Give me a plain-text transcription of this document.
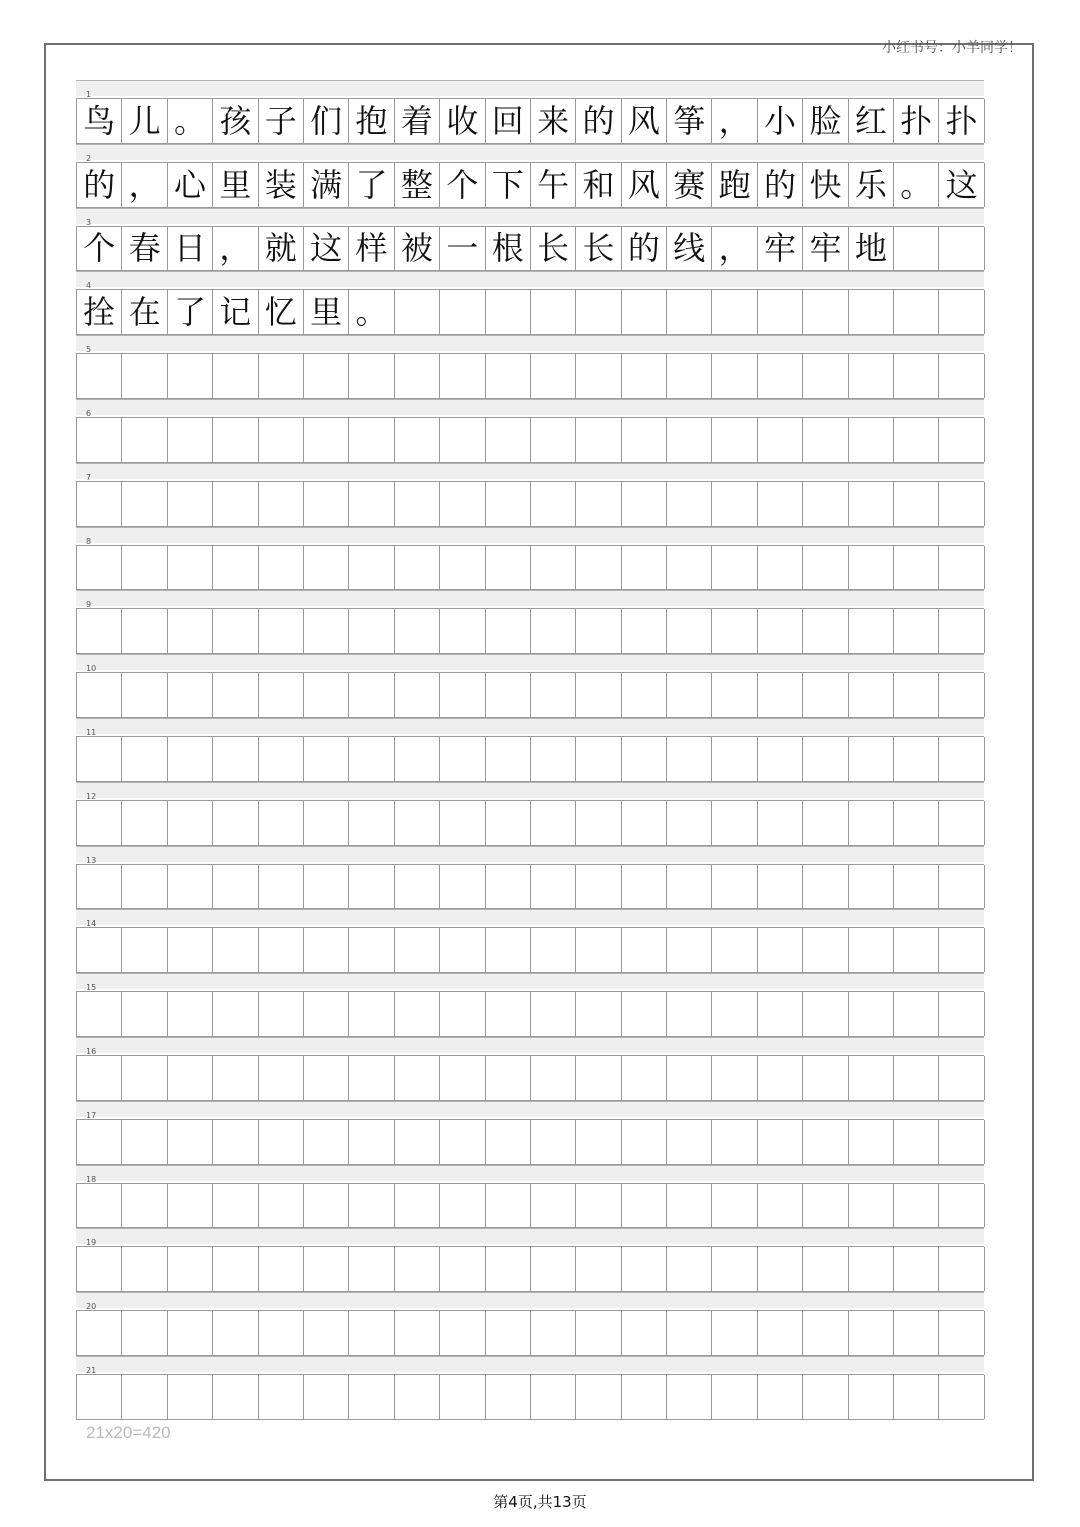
小红书号：小羊同学！
1
鸟 儿 。 孩 子 们 抱 着 收 回 来 的 风 筝 ， 小 脸 红 扑 扑
2
的 ， 心 里 装 满 了 整 个 下 午 和 风 赛 跑 的 快 乐 。 这
3
个 春 日 ， 就 这 样 被 一 根 长 长 的 线 ， 牢 牢 地
4
拴 在 了 记 忆 里 。
5
6
7
8
9
10
11
12
13
14
15
16
17
18
19
20
21
21x20=420
第4页,共13页
